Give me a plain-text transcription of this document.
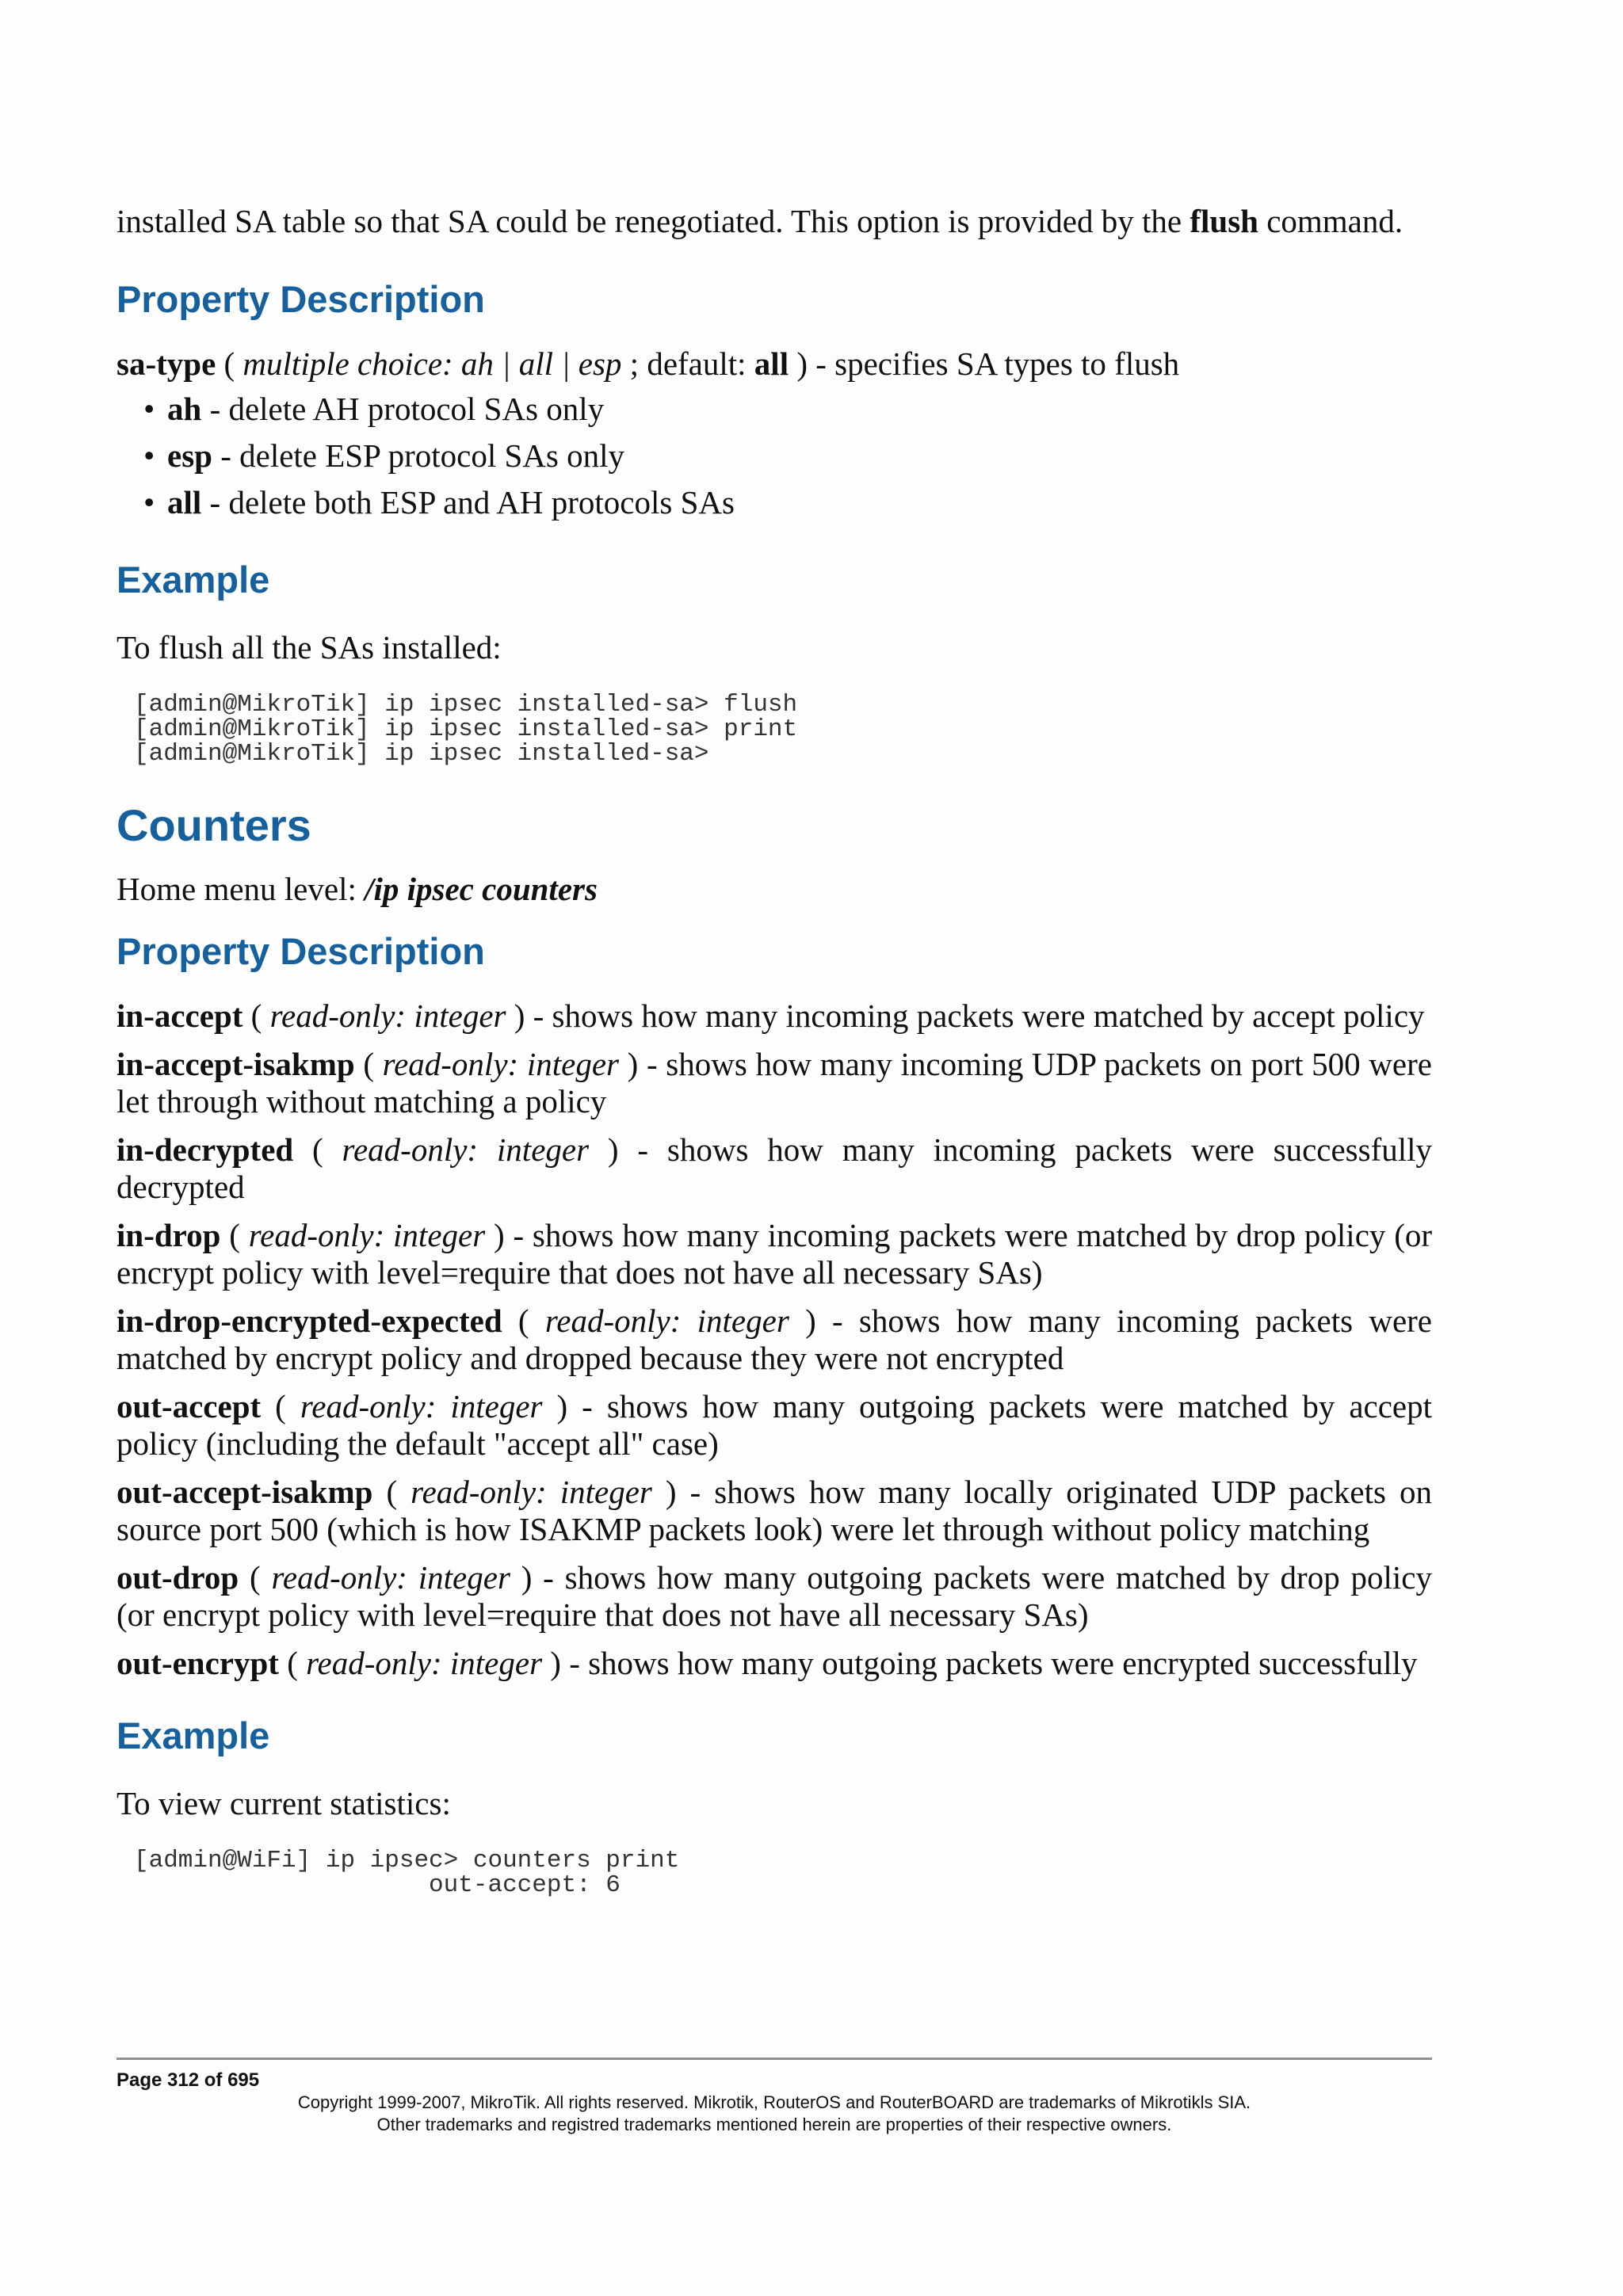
installed SA table so that SA could be renegotiated. This option is provided by the flush command.

Property Description

sa-type ( multiple choice: ah | all | esp ; default: all ) - specifies SA types to flush

• ah - delete AH protocol SAs only
• esp - delete ESP protocol SAs only
• all - delete both ESP and AH protocols SAs
Example

To flush all the SAs installed:

[admin@MikroTik] ip ipsec installed-sa> flush
[admin@MikroTik] ip ipsec installed-sa> print
[admin@MikroTik] ip ipsec installed-sa>
Counters

Home menu level: /ip ipsec counters

Property Description

in-accept ( read-only: integer ) - shows how many incoming packets were matched by accept policy

in-accept-isakmp ( read-only: integer ) - shows how many incoming UDP packets on port 500 were let through without matching a policy

in-decrypted ( read-only: integer ) - shows how many incoming packets were successfully decrypted

in-drop ( read-only: integer ) - shows how many incoming packets were matched by drop policy (or encrypt policy with level=require that does not have all necessary SAs)

in-drop-encrypted-expected ( read-only: integer ) - shows how many incoming packets were matched by encrypt policy and dropped because they were not encrypted

out-accept ( read-only: integer ) - shows how many outgoing packets were matched by accept policy (including the default "accept all" case)

out-accept-isakmp ( read-only: integer ) - shows how many locally originated UDP packets on source port 500 (which is how ISAKMP packets look) were let through without policy matching

out-drop ( read-only: integer ) - shows how many outgoing packets were matched by drop policy (or encrypt policy with level=require that does not have all necessary SAs)

out-encrypt ( read-only: integer ) - shows how many outgoing packets were encrypted successfully

Example

To view current statistics:

[admin@WiFi] ip ipsec> counters print
out-accept: 6
Page 312 of 695
Copyright 1999-2007, MikroTik. All rights reserved. Mikrotik, RouterOS and RouterBOARD are trademarks of Mikrotikls SIA.
Other trademarks and registred trademarks mentioned herein are properties of their respective owners.
